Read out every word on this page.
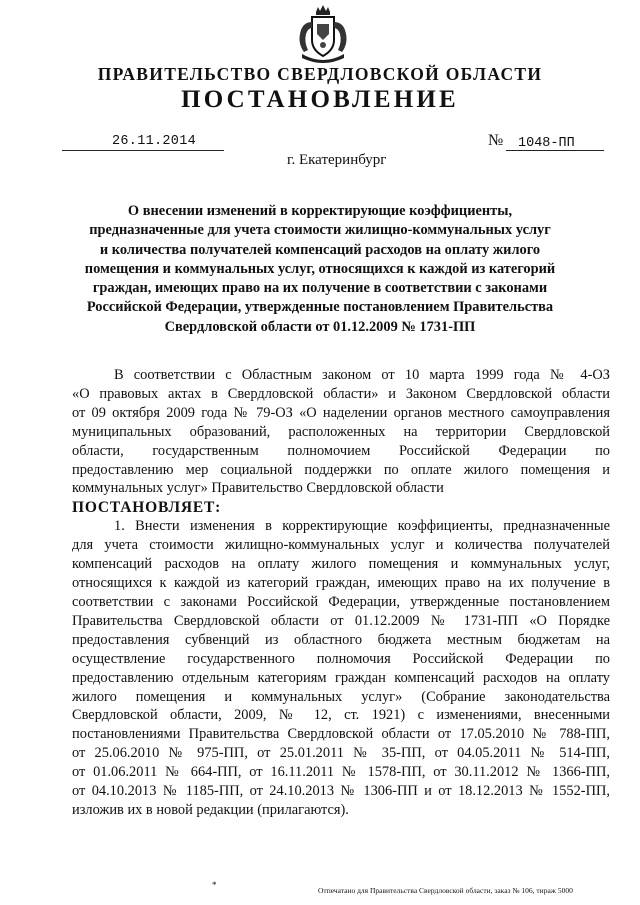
ПРАВИТЕЛЬСТВО СВЕРДЛОВСКОЙ ОБЛАСТИ
ПОСТАНОВЛЕНИЕ
26.11.2014	№ 1048-ПП
г. Екатеринбург
О внесении изменений в корректирующие коэффициенты,
предназначенные для учета стоимости жилищно-коммунальных услуг
и количества получателей компенсаций расходов на оплату жилого
помещения и коммунальных услуг, относящихся к каждой из категорий
граждан, имеющих право на их получение в соответствии с законами
Российской Федерации, утвержденные постановлением Правительства
Свердловской области от 01.12.2009 № 1731-ПП
В соответствии с Областным законом от 10 марта 1999 года № 4-ОЗ
«О правовых актах в Свердловской области» и Законом Свердловской области
от 09 октября 2009 года № 79-ОЗ «О наделении органов местного самоуправления
муниципальных образований, расположенных на территории Свердловской
области, государственным полномочием Российской Федерации по
предоставлению мер социальной поддержки по оплате жилого помещения и
коммунальных услуг» Правительство Свердловской области
ПОСТАНОВЛЯЕТ:
1. Внести изменения в корректирующие коэффициенты, предназначенные
для учета стоимости жилищно-коммунальных услуг и количества получателей
компенсаций расходов на оплату жилого помещения и коммунальных услуг,
относящихся к каждой из категорий граждан, имеющих право на их получение в
соответствии с законами Российской Федерации, утвержденные постановлением
Правительства Свердловской области от 01.12.2009 № 1731-ПП «О Порядке
предоставления субвенций из областного бюджета местным бюджетам на
осуществление государственного полномочия Российской Федерации по
предоставлению отдельным категориям граждан компенсаций расходов на оплату
жилого помещения и коммунальных услуг» (Собрание законодательства
Свердловской области, 2009, № 12, ст. 1921) с изменениями, внесенными
постановлениями Правительства Свердловской области от 17.05.2010 № 788-ПП,
от 25.06.2010 № 975-ПП, от 25.01.2011 № 35-ПП, от 04.05.2011 № 514-ПП,
от 01.06.2011 № 664-ПП, от 16.11.2011 № 1578-ПП, от 30.11.2012 № 1366-ПП,
от 04.10.2013 № 1185-ПП, от 24.10.2013 № 1306-ПП и от 18.12.2013 № 1552-ПП,
изложив их в новой редакции (прилагаются).
*
Отпечатано для Правительства Свердловской области, заказ № 106, тираж 5000
